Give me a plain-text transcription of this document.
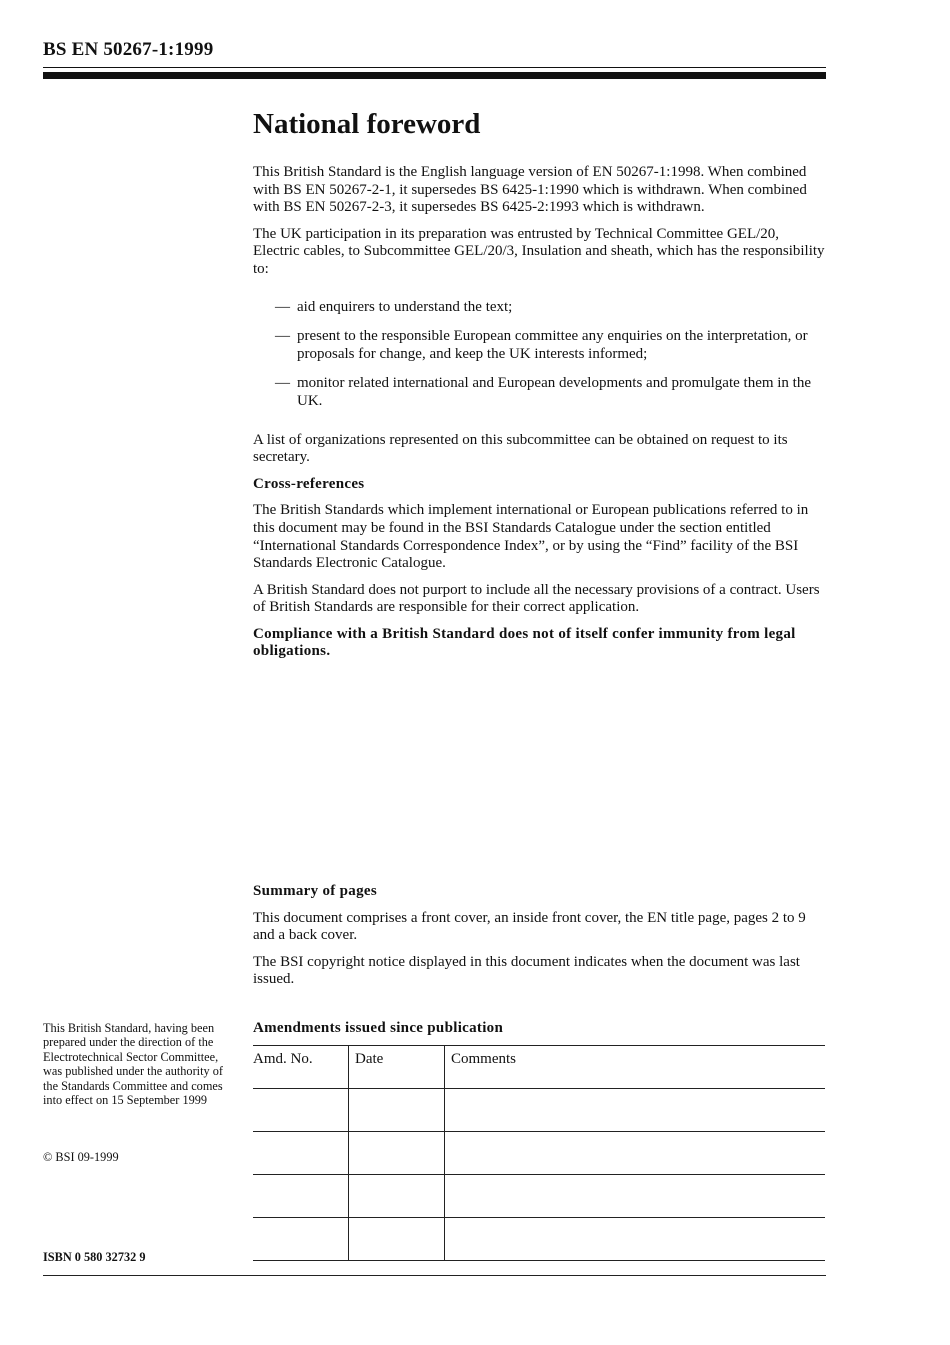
BS EN 50267-1:1999
National foreword

This British Standard is the English language version of EN 50267-1:1998. When combined with BS EN 50267-2-1, it supersedes BS 6425-1:1990 which is withdrawn. When combined with BS EN 50267-2-3, it supersedes BS 6425-2:1993 which is withdrawn.

The UK participation in its preparation was entrusted by Technical Committee GEL/20, Electric cables, to Subcommittee GEL/20/3, Insulation and sheath, which has the responsibility to:

— aid enquirers to understand the text;
— present to the responsible European committee any enquiries on the interpretation, or proposals for change, and keep the UK interests informed;
— monitor related international and European developments and promulgate them in the UK.

A list of organizations represented on this subcommittee can be obtained on request to its secretary.

Cross-references

The British Standards which implement international or European publications referred to in this document may be found in the BSI Standards Catalogue under the section entitled “International Standards Correspondence Index”, or by using the “Find” facility of the BSI Standards Electronic Catalogue.

A British Standard does not purport to include all the necessary provisions of a contract. Users of British Standards are responsible for their correct application.

Compliance with a British Standard does not of itself confer immunity from legal obligations.

Summary of pages

This document comprises a front cover, an inside front cover, the EN title page, pages 2 to 9 and a back cover.

The BSI copyright notice displayed in this document indicates when the document was last issued.

This British Standard, having been prepared under the direction of the Electrotechnical Sector Committee, was published under the authority of the Standards Committee and comes into effect on 15 September 1999
© BSI 09-1999
ISBN 0 580 32732 9
Amendments issued since publication
Amd. No.	Date	Comments
